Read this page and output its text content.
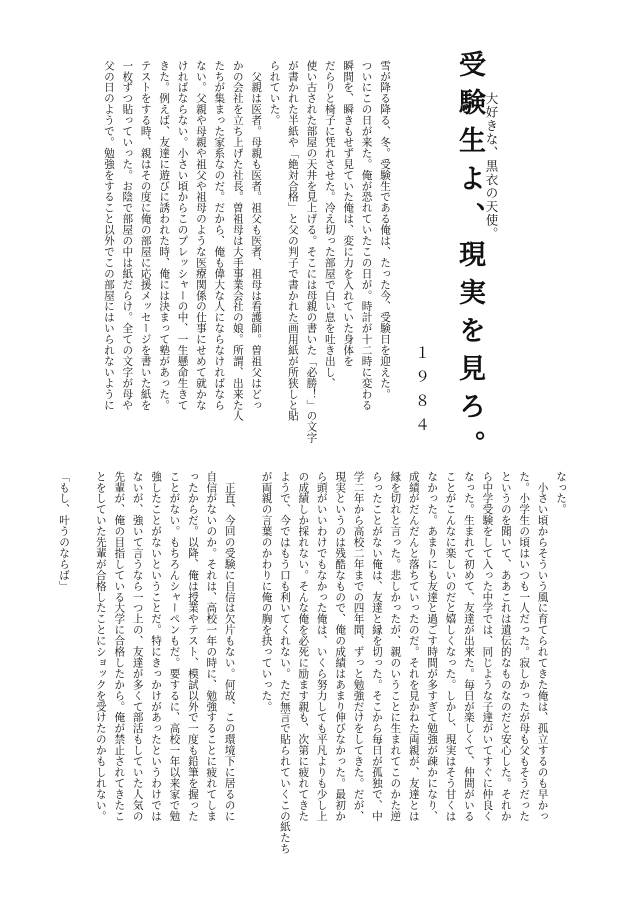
大好きな、黒衣の天使。
受験生よ、現実を見ろ。
１９８４
雪が降る降る、冬。受験生である俺は、たった今、受験日を迎えた。
ついにこの日が来た。俺が恐れていたこの日が。時計が十二時に変わる
瞬間を、瞬きもせず見ていた俺は、変に力を入れていた身体を
だらりと椅子に凭れさせた。冷え切った部屋で白い息を吐き出し、
使い古された部屋の天井を見上げる。そこには母親の書いた「必勝！」の文字
が書かれた半紙や「絶対合格」と父の判子で書かれた画用紙が所狭しと貼
られていた。
　父親は医者。母親も医者。祖父も医者、祖母は看護師。曽祖父はどっ
かの会社を立ち上げた社長。曽祖母は大手事業会社の娘。所謂、出来た人
たちが集まった家系なのだ。だから、俺も偉大な人にならなければなら
ない。父親や母親や祖父や祖母のような医療関係の仕事にせめて就かな
ければならない。小さい頃からこのプレッシャーの中、一生懸命生きて
きた。例えば、友達に遊びに誘われた時、俺には決まって塾があった。
テストをする時、親はその度に俺の部屋に応援メッセージを書いた紙を
一枚ずつ貼っていった。お陰で部屋の中は紙だらけ。全ての文字が母や
父の日のようで。勉強をすること以外でこの部屋にはいられないように
なった。
　小さい頃からそういう風に育てられてきた俺は、孤立するのも早かっ
た。小学生の頃はいつも一人だった。寂しかったが母も父もそうだった
というのを聞いて、ああこれは遺伝的なものなのだと安心した。それか
ら中学受験をして入った中学では、同じような子達がいてすぐに仲良く
なった。生まれて初めて、友達が出来た。毎日が楽しくて、仲間がいる
ことがこんなに楽しいのだと嬉しくなった。しかし、現実はそう甘くは
なかった。あまりにも友達と過ごす時間が多すぎて勉強が疎かになり、
成績がだんだんと落ちていったのだ。それを見かねた両親が、友達とは
縁を切れと言った。悲しかったが、親のいうことに生まれてこのかた逆
らったことがない俺は、友達と縁を切った。そこから毎日が孤独で、中
学二年から高校二年までの四年間、ずっと勉強だけをしてきた。だが、
現実というのは残酷なもので、俺の成績はあまり伸びなかった。最初か
ら頭がいいわけでもなかった俺は、いくら努力しても平凡よりも少し上
の成績しか採れない。そんな俺を必死に励ます親も、次第に疲れてきた
ようで、今ではもう口も利いてくれない。ただ無言で貼られていくこの紙たち
が両親の言葉のかわりに俺の胸を抉っていった。

　正直、今回の受験に自信は欠片もない。何故、この環境下に居るのに
自信がないのか。それは、高校一年の時に、勉強することに疲れてしま
ったからだ。以降、俺は授業やテスト、模試以外で一度も鉛筆を握った
ことがない。もちろんシャーペンもだ。要するに、高校一年以来家で勉
強したことがないということだ。特にきっかけがあったというわけでは
ないが、強いて言うなら一つ上の、友達が多くて部活もしていた人気の
先輩が、俺の目指している大学に合格したから。俺が禁止されてきたこ
とをしていた先輩が合格したことにショックを受けたのかもしれない。

「もし、叶うのならば」
